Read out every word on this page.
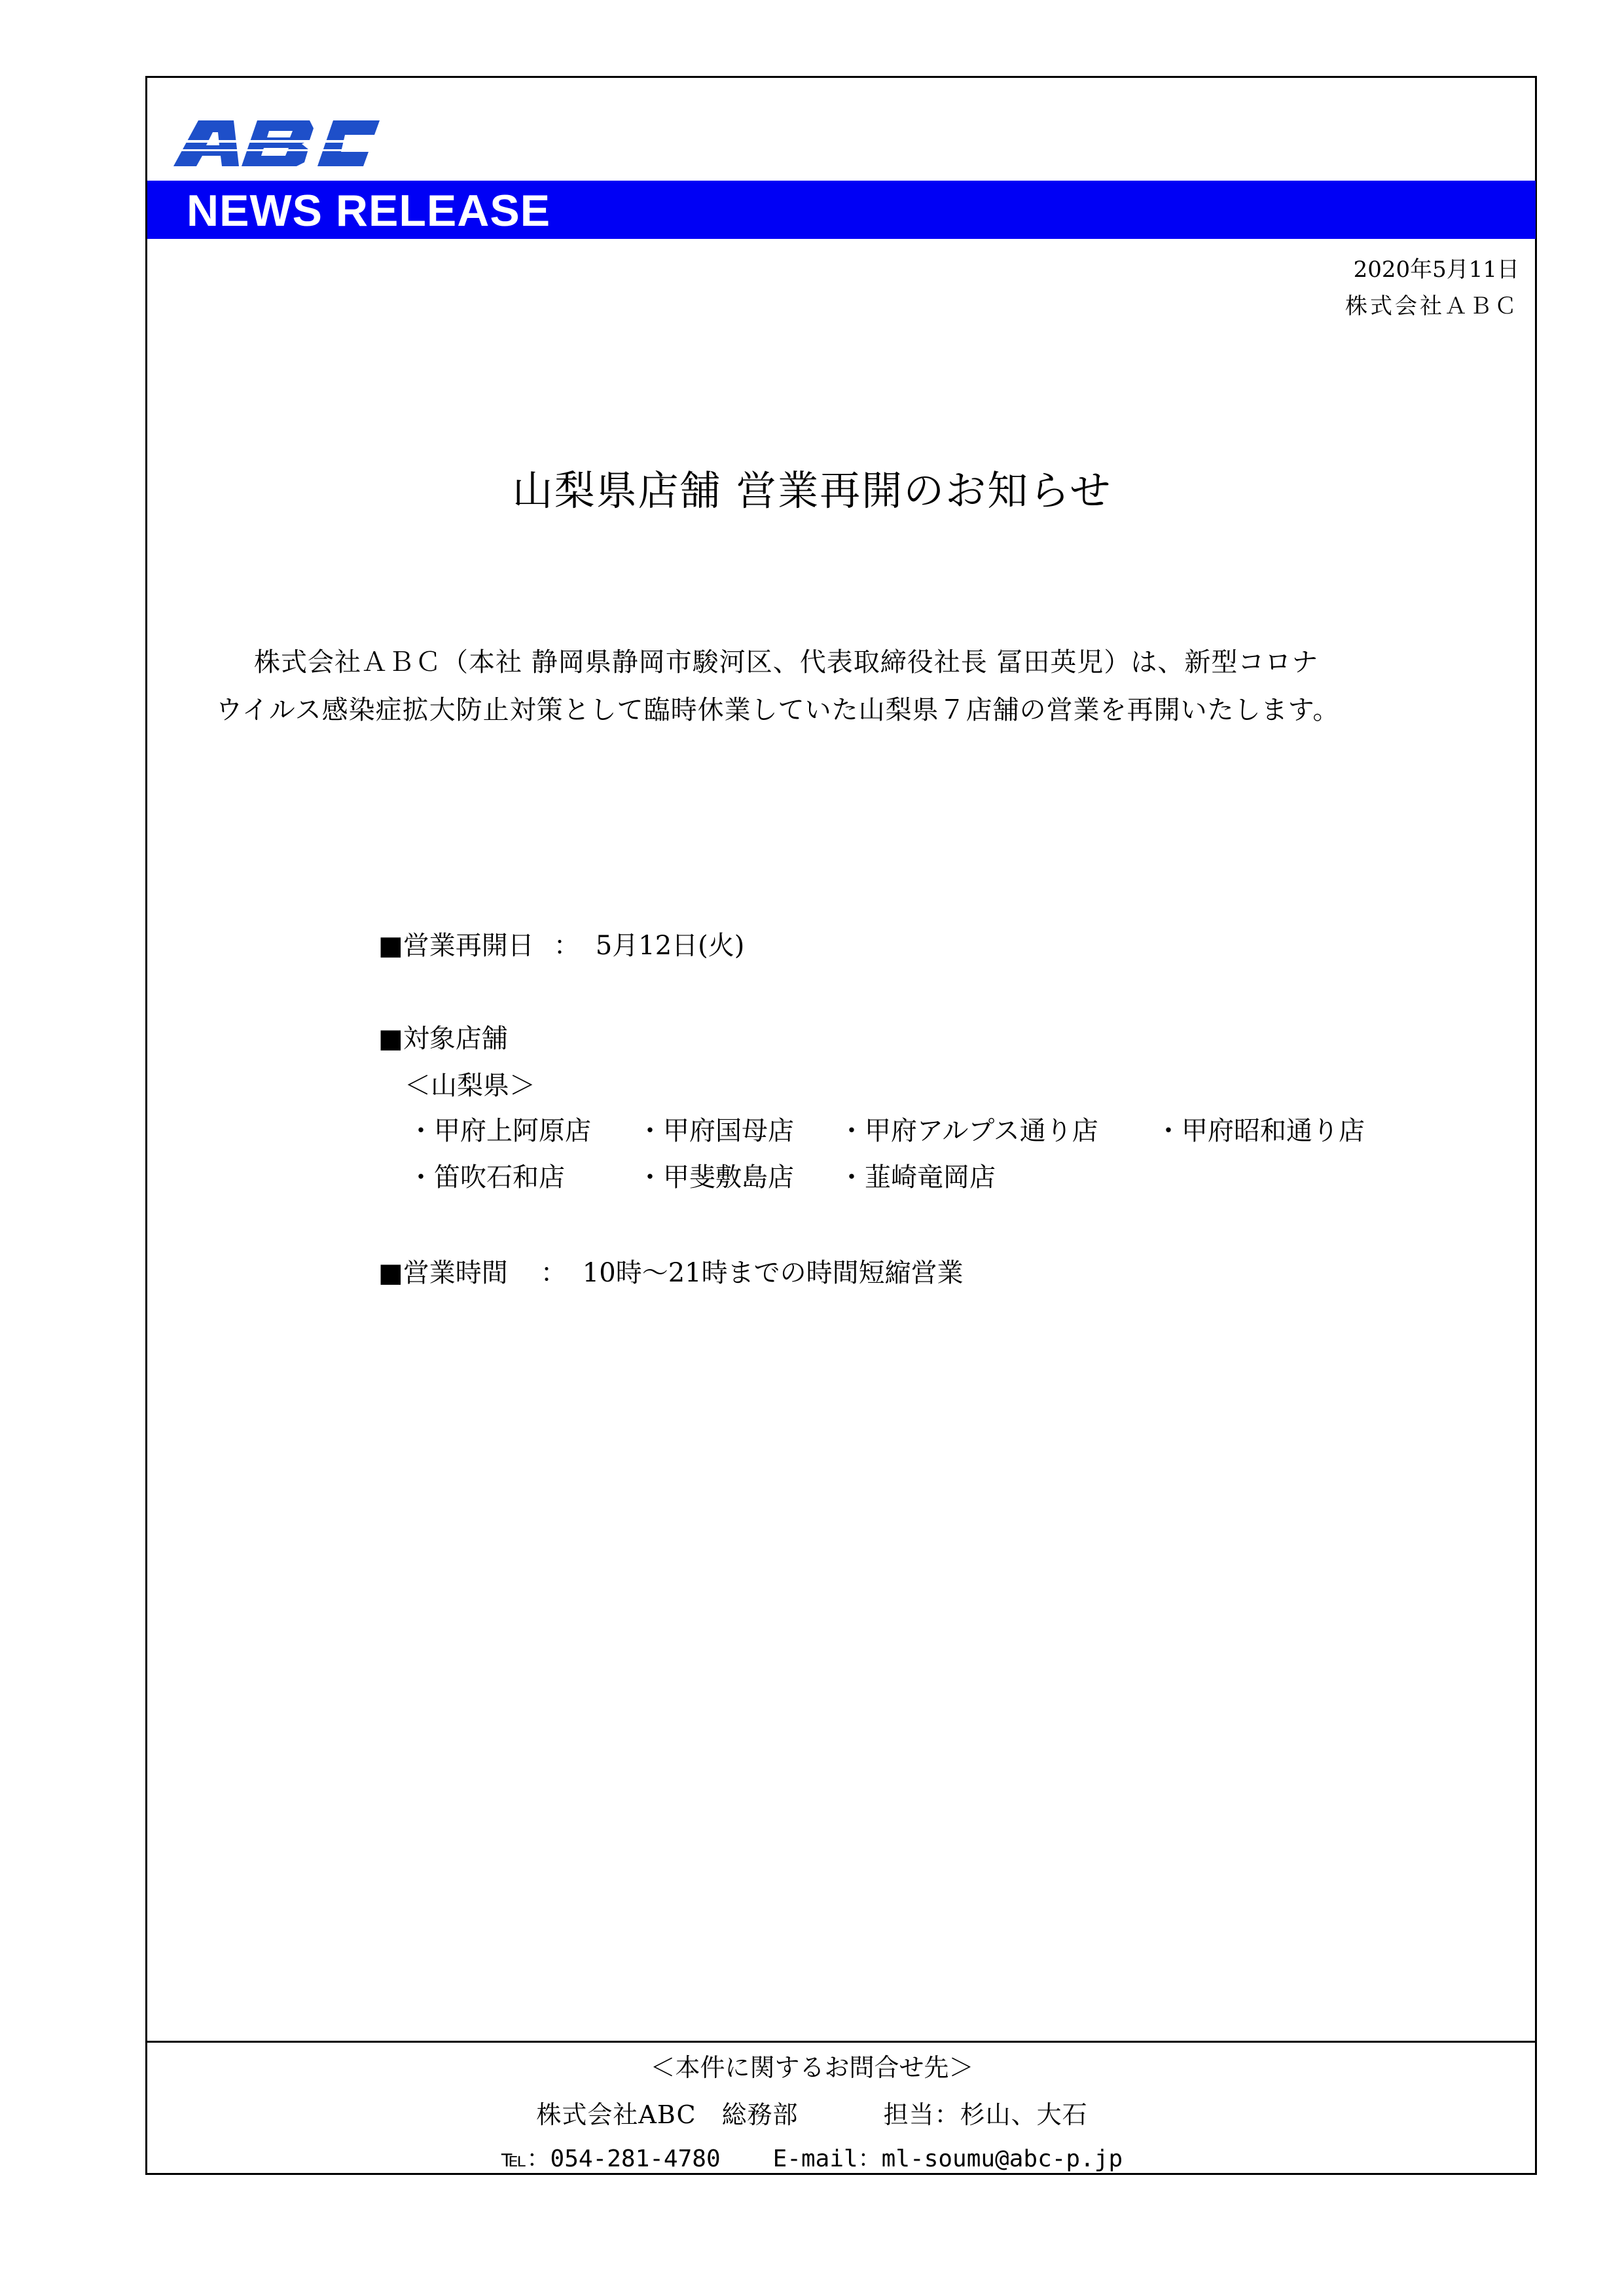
NEWS RELEASE
2020年5月11日
株式会社ＡＢＣ
山梨県店舗 営業再開のお知らせ
株式会社ＡＢＣ（本社 静岡県静岡市駿河区、代表取締役社長 冨田英児）は、新型コロナ
ウイルス感染症拡大防止対策として臨時休業していた山梨県７店舗の営業を再開いたします。
■営業再開日 ： 5月12日(火)
■対象店舗
＜山梨県＞
・甲府上阿原店 ・甲府国母店 ・甲府アルプス通り店 ・甲府昭和通り店
・笛吹石和店	・甲斐敷島店 ・韮崎竜岡店
■営業時間 ： 10時～21時までの時間短縮営業
＜本件に関するお問合せ先＞
株式会社ABC　総務部	担当：杉山、大石
℡：054-281-4780 E-mail：ml-soumu@abc-p.jp
